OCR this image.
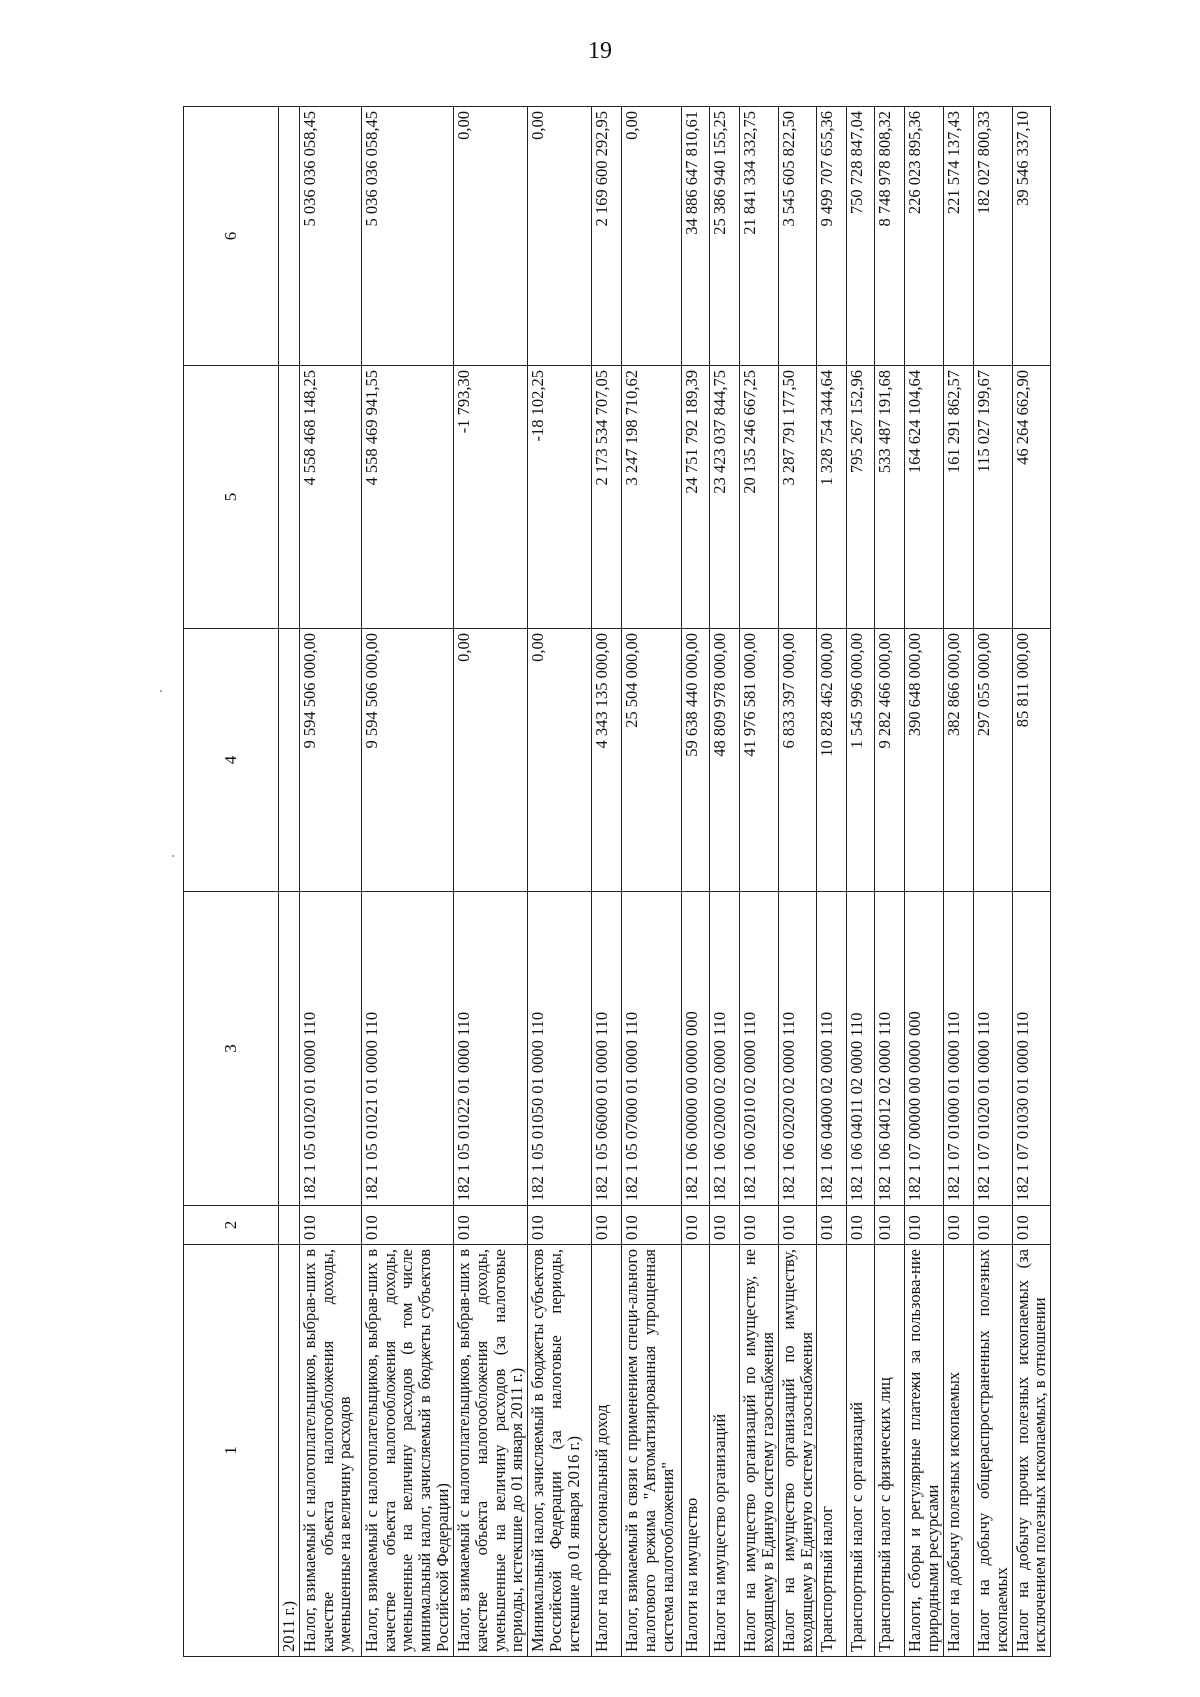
19
1	2	3	4	5	6
2011 г.)					
Налог, взимаемый с налогоплательщиков, выбрав-ших в качестве объекта налогообложения доходы, уменьшенные на величину расходов	010	182 1 05 01020 01 0000 110	9 594 506 000,00	4 558 468 148,25	5 036 036 058,45
Налог, взимаемый с налогоплательщиков, выбрав-ших в качестве объекта налогообложения доходы, уменьшенные на величину расходов (в том числе минимальный налог, зачисляемый в бюджеты субъектов Российской Федерации)	010	182 1 05 01021 01 0000 110	9 594 506 000,00	4 558 469 941,55	5 036 036 058,45
Налог, взимаемый с налогоплательщиков, выбрав-ших в качестве объекта налогообложения доходы, уменьшенные на величину расходов (за налоговые периоды, истекшие до 01 января 2011 г.)	010	182 1 05 01022 01 0000 110	0,00	-1 793,30	0,00
Минимальный налог, зачисляемый в бюджеты субъектов Российской Федерации (за налоговые периоды, истекшие до 01 января 2016 г.)	010	182 1 05 01050 01 0000 110	0,00	-18 102,25	0,00
Налог на профессиональный доход	010	182 1 05 06000 01 0000 110	4 343 135 000,00	2 173 534 707,05	2 169 600 292,95
Налог, взимаемый в связи с применением специ-ального налогового режима "Автоматизированная упрощенная система налогообложения"	010	182 1 05 07000 01 0000 110	25 504 000,00	3 247 198 710,62	0,00
Налоги на имущество	010	182 1 06 00000 00 0000 000	59 638 440 000,00	24 751 792 189,39	34 886 647 810,61
Налог на имущество организаций	010	182 1 06 02000 02 0000 110	48 809 978 000,00	23 423 037 844,75	25 386 940 155,25
Налог на имущество организаций по имуществу, не входящему в Единую систему газоснабжения	010	182 1 06 02010 02 0000 110	41 976 581 000,00	20 135 246 667,25	21 841 334 332,75
Налог на имущество организаций по имуществу, входящему в Единую систему газоснабжения	010	182 1 06 02020 02 0000 110	6 833 397 000,00	3 287 791 177,50	3 545 605 822,50
Транспортный налог	010	182 1 06 04000 02 0000 110	10 828 462 000,00	1 328 754 344,64	9 499 707 655,36
Транспортный налог с организаций	010	182 1 06 04011 02 0000 110	1 545 996 000,00	795 267 152,96	750 728 847,04
Транспортный налог с физических лиц	010	182 1 06 04012 02 0000 110	9 282 466 000,00	533 487 191,68	8 748 978 808,32
Налоги, сборы и регулярные платежи за пользова-ние природными ресурсами	010	182 1 07 00000 00 0000 000	390 648 000,00	164 624 104,64	226 023 895,36
Налог на добычу полезных ископаемых	010	182 1 07 01000 01 0000 110	382 866 000,00	161 291 862,57	221 574 137,43
Налог на добычу общераспространенных полезных ископаемых	010	182 1 07 01020 01 0000 110	297 055 000,00	115 027 199,67	182 027 800,33
Налог на добычу прочих полезных ископаемых (за исключением полезных ископаемых, в отношении	010	182 1 07 01030 01 0000 110	85 811 000,00	46 264 662,90	39 546 337,10
